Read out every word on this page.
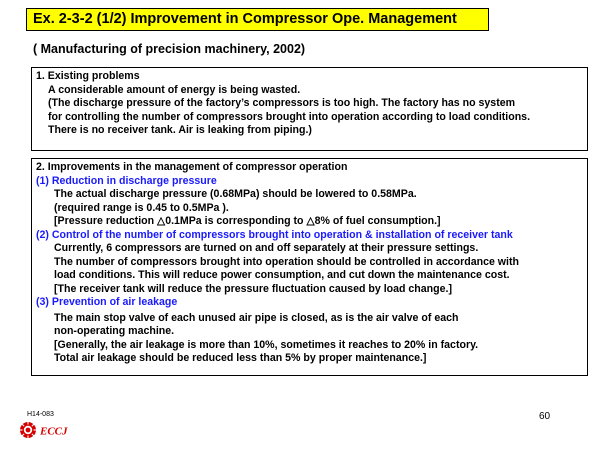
Ex. 2-3-2 (1/2) Improvement in Compressor Ope. Management
( Manufacturing of precision machinery, 2002)
1. Existing problems
A considerable amount of energy is being wasted.
(The discharge pressure of the factory’s compressors is too high. The factory has no system
for controlling the number of compressors brought into operation according to load conditions.
There is no receiver tank. Air is leaking from piping.)
2. Improvements in the management of compressor operation
(1) Reduction in discharge pressure
The actual discharge pressure (0.68MPa) should be lowered to 0.58MPa.
(required range is 0.45 to 0.5MPa ).
[Pressure reduction △0.1MPa is corresponding to △8% of fuel consumption.]
(2) Control of the number of compressors brought into operation & installation of receiver tank
Currently, 6 compressors are turned on and off separately at their pressure settings.
The number of compressors brought into operation should be controlled in accordance with
load conditions. This will reduce power consumption, and cut down the maintenance cost.
[The receiver tank will reduce the pressure fluctuation caused by load change.]
(3) Prevention of air leakage
The main stop valve of each unused air pipe is closed, as is the air valve of each
non-operating machine.
[Generally, the air leakage is more than 10%, sometimes it reaches to 20% in factory.
Total air leakage should be reduced less than 5% by proper maintenance.]
H14-083
ECCJ
60
